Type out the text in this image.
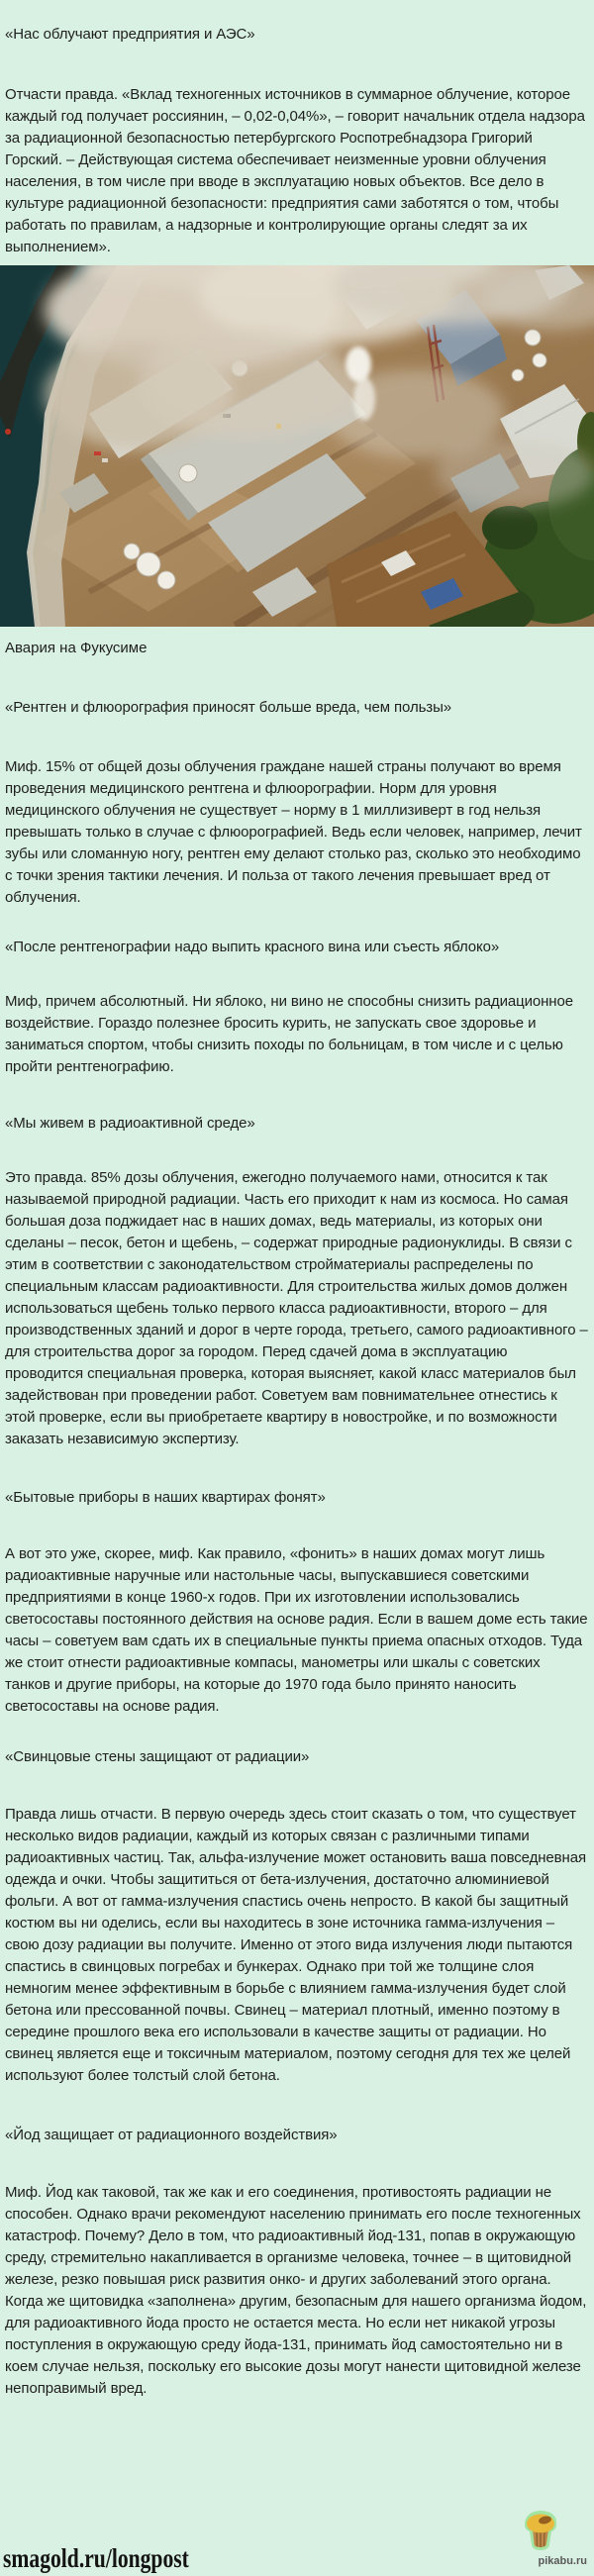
«Нас облучают предприятия и АЭС»
Отчасти правда. «Вклад техногенных источников в суммарное облучение, которое каждый год получает россиянин, – 0,02-0,04%», – говорит начальник отдела надзора за радиационной безопасностью петербургского Роспотребнадзора Григорий Горский. – Действующая система обеспечивает неизменные уровни облучения населения, в том числе при вводе в эксплуатацию новых объектов. Все дело в культуре радиационной безопасности: предприятия сами заботятся о том, чтобы работать по правилам, а надзорные и контролирующие органы следят за их выполнением».
Авария на Фукусиме
«Рентген и флюорография приносят больше вреда, чем пользы»
Миф. 15% от общей дозы облучения граждане нашей страны получают во время проведения медицинского рентгена и флюорографии. Норм для уровня медицинского облучения не существует – норму в 1 миллизиверт в год нельзя превышать только в случае с флюорографией. Ведь если человек, например, лечит зубы или сломанную ногу, рентген ему делают столько раз, сколько это необходимо с точки зрения тактики лечения. И польза от такого лечения превышает вред от облучения.
«После рентгенографии надо выпить красного вина или съесть яблоко»
Миф, причем абсолютный. Ни яблоко, ни вино не способны снизить радиационное воздействие. Гораздо полезнее бросить курить, не запускать свое здоровье и заниматься спортом, чтобы снизить походы по больницам, в том числе и с целью пройти рентгенографию.
«Мы живем в радиоактивной среде»
Это правда. 85% дозы облучения, ежегодно получаемого нами, относится к так называемой природной радиации. Часть его приходит к нам из космоса. Но самая большая доза поджидает нас в наших домах, ведь материалы, из которых они сделаны – песок, бетон и щебень, – содержат природные радионуклиды. В связи с этим в соответствии с законодательством стройматериалы распределены по специальным классам радиоактивности. Для строительства жилых домов должен использоваться щебень только первого класса радиоактивности, второго – для производственных зданий и дорог в черте города, третьего, самого радиоактивного – для строительства дорог за городом. Перед сдачей дома в эксплуатацию проводится специальная проверка, которая выясняет, какой класс материалов был задействован при проведении работ. Советуем вам повнимательнее отнестись к этой проверке, если вы приобретаете квартиру в новостройке, и по возможности заказать независимую экспертизу.
«Бытовые приборы в наших квартирах фонят»
А вот это уже, скорее, миф. Как правило, «фонить» в наших домах могут лишь радиоактивные наручные или настольные часы, выпускавшиеся советскими предприятиями в конце 1960-х годов. При их изготовлении использовались светосоставы постоянного действия на основе радия. Если в вашем доме есть такие часы – советуем вам сдать их в специальные пункты приема опасных отходов. Туда же стоит отнести радиоактивные компасы, манометры или шкалы с советских танков и другие приборы, на которые до 1970 года было принято наносить светосоставы на основе радия.
«Свинцовые стены защищают от радиации»
Правда лишь отчасти. В первую очередь здесь стоит сказать о том, что существует несколько видов радиации, каждый из которых связан с различными типами радиоактивных частиц. Так, альфа-излучение может остановить ваша повседневная одежда и очки. Чтобы защититься от бета-излучения, достаточно алюминиевой фольги. А вот от гамма-излучения спастись очень непросто. В какой бы защитный костюм вы ни оделись, если вы находитесь в зоне источника гамма-излучения – свою дозу радиации вы получите. Именно от этого вида излучения люди пытаются спастись в свинцовых погребах и бункерах. Однако при той же толщине слоя немногим менее эффективным в борьбе с влиянием гамма-излучения будет слой бетона или прессованной почвы. Свинец – материал плотный, именно поэтому в середине прошлого века его использовали в качестве защиты от радиации. Но свинец является еще и токсичным материалом, поэтому сегодня для тех же целей используют более толстый слой бетона.
«Йод защищает от радиационного воздействия»
Миф. Йод как таковой, так же как и его соединения, противостоять радиации не способен. Однако врачи рекомендуют населению принимать его после техногенных катастроф. Почему? Дело в том, что радиоактивный йод-131, попав в окружающую среду, стремительно накапливается в организме человека, точнее – в щитовидной железе, резко повышая риск развития онко- и других заболеваний этого органа. Когда же щитовидка «заполнена» другим, безопасным для нашего организма йодом, для радиоактивного йода просто не остается места. Но если нет никакой угрозы поступления в окружающую среду йода-131, принимать йод самостоятельно ни в коем случае нельзя, поскольку его высокие дозы могут нанести щитовидной железе непоправимый вред.
pikabu.ru
smagold.ru/longpost
